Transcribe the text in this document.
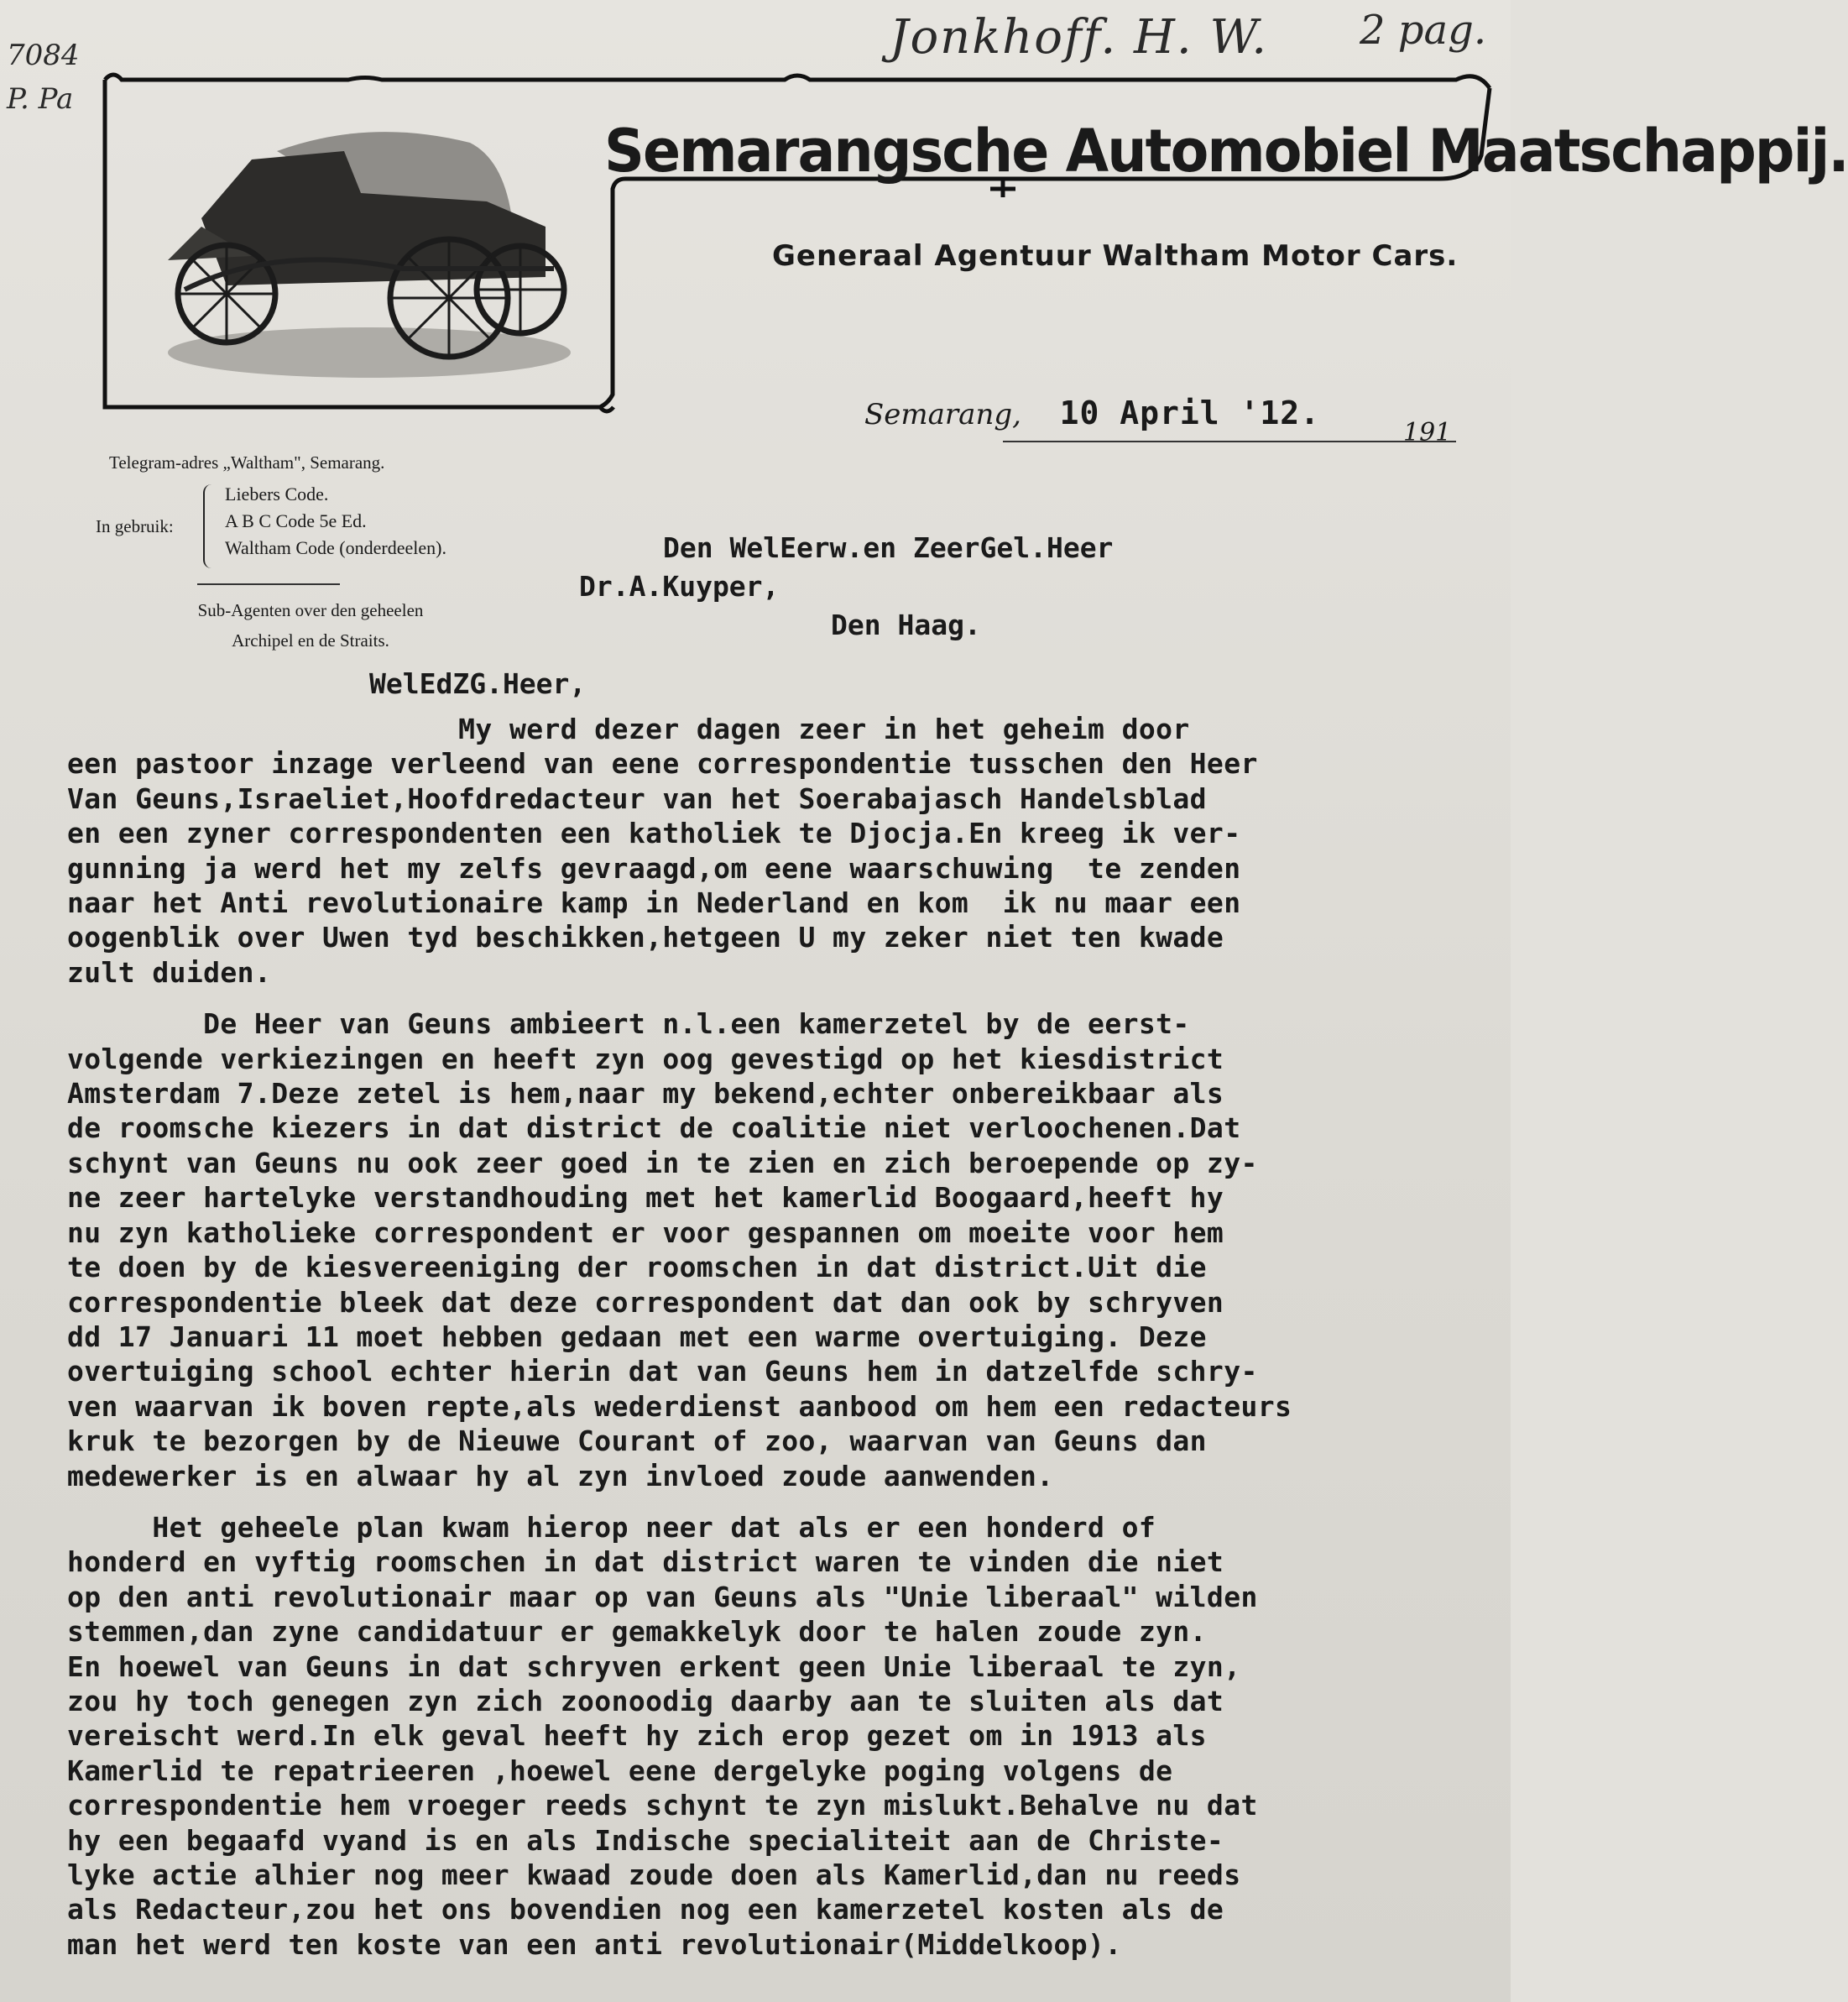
7084
P. Pa
Jonkhoff. H. W. 2 pag.
Semarangsche Automobiel Maatschappij.
Generaal Agentuur Waltham Motor Cars.
Telegram-adres „Waltham", Semarang.
In gebruik:
Liebers Code.
A B C Code 5e Ed.
Waltham Code (onderdeelen).
Sub-Agenten over den geheelen
Archipel en de Straits.
Semarang, 10 April '12.
191
Den WelEerw.en ZeerGel.Heer
Dr.A.Kuyper,
Den Haag.
WelEdZG.Heer,
My werd dezer dagen zeer in het geheim door
een pastoor inzage verleend van eene correspondentie tusschen den Heer
Van Geuns,Israeliet,Hoofdredacteur van het Soerabajasch Handelsblad
en een zyner correspondenten een katholiek te Djocja.En kreeg ik ver-
gunning ja werd het my zelfs gevraagd,om eene waarschuwing  te zenden
naar het Anti revolutionaire kamp in Nederland en kom  ik nu maar een
oogenblik over Uwen tyd beschikken,hetgeen U my zeker niet ten kwade
zult duiden.
De Heer van Geuns ambieert n.l.een kamerzetel by de eerst-
volgende verkiezingen en heeft zyn oog gevestigd op het kiesdistrict
Amsterdam 7.Deze zetel is hem,naar my bekend,echter onbereikbaar als
de roomsche kiezers in dat district de coalitie niet verloochenen.Dat
schynt van Geuns nu ook zeer goed in te zien en zich beroepende op zy-
ne zeer hartelyke verstandhouding met het kamerlid Boogaard,heeft hy
nu zyn katholieke correspondent er voor gespannen om moeite voor hem
te doen by de kiesvereeniging der roomschen in dat district.Uit die
correspondentie bleek dat deze correspondent dat dan ook by schryven
dd 17 Januari 11 moet hebben gedaan met een warme overtuiging. Deze
overtuiging school echter hierin dat van Geuns hem in datzelfde schry-
ven waarvan ik boven repte,als wederdienst aanbood om hem een redacteurs
kruk te bezorgen by de Nieuwe Courant of zoo, waarvan van Geuns dan
medewerker is en alwaar hy al zyn invloed zoude aanwenden.
Het geheele plan kwam hierop neer dat als er een honderd of
honderd en vyftig roomschen in dat district waren te vinden die niet
op den anti revolutionair maar op van Geuns als "Unie liberaal" wilden
stemmen,dan zyne candidatuur er gemakkelyk door te halen zoude zyn.
En hoewel van Geuns in dat schryven erkent geen Unie liberaal te zyn,
zou hy toch genegen zyn zich zoonoodig daarby aan te sluiten als dat
vereischt werd.In elk geval heeft hy zich erop gezet om in 1913 als
Kamerlid te repatrieeren ,hoewel eene dergelyke poging volgens de
correspondentie hem vroeger reeds schynt te zyn mislukt.Behalve nu dat
hy een begaafd vyand is en als Indische specialiteit aan de Christe-
lyke actie alhier nog meer kwaad zoude doen als Kamerlid,dan nu reeds
als Redacteur,zou het ons bovendien nog een kamerzetel kosten als de
man het werd ten koste van een anti revolutionair(Middelkoop).
